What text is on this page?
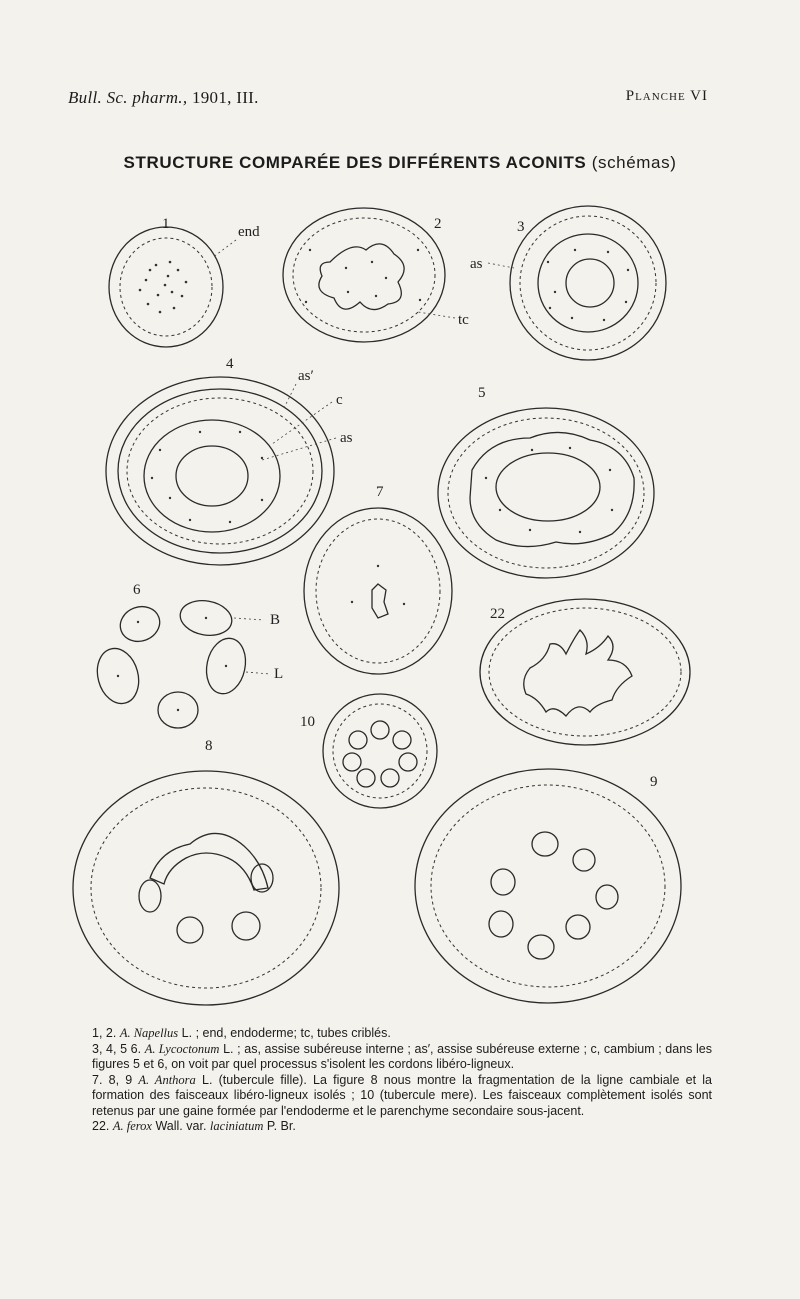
Bull. Sc. pharm., 1901, III.	Planche VI
STRUCTURE COMPARÉE DES DIFFÉRENTS ACONITS (schémas)
1	end	2
tc
3
as
4
as′
c
as
5
7
6
B
L
22
10
8
9

1, 2. A. Napellus L. ; end, endoderme; tc, tubes criblés.

3, 4, 5 6. A. Lycoctonum L. ; as, assise subéreuse interne ; as′, assise subéreuse externe ; c, cambium ; dans les figures 5 et 6, on voit par quel processus s'isolent les cordons libéro-ligneux.

7. 8, 9 A. Anthora L. (tubercule fille). La figure 8 nous montre la fragmentation de la ligne cambiale et la formation des faisceaux libéro-ligneux isolés ; 10 (tubercule mere). Les faisceaux complètement isolés sont retenus par une gaine formée par l'endoderme et le parenchyme secondaire sous-jacent.

22. A. ferox Wall. var. laciniatum P. Br.
